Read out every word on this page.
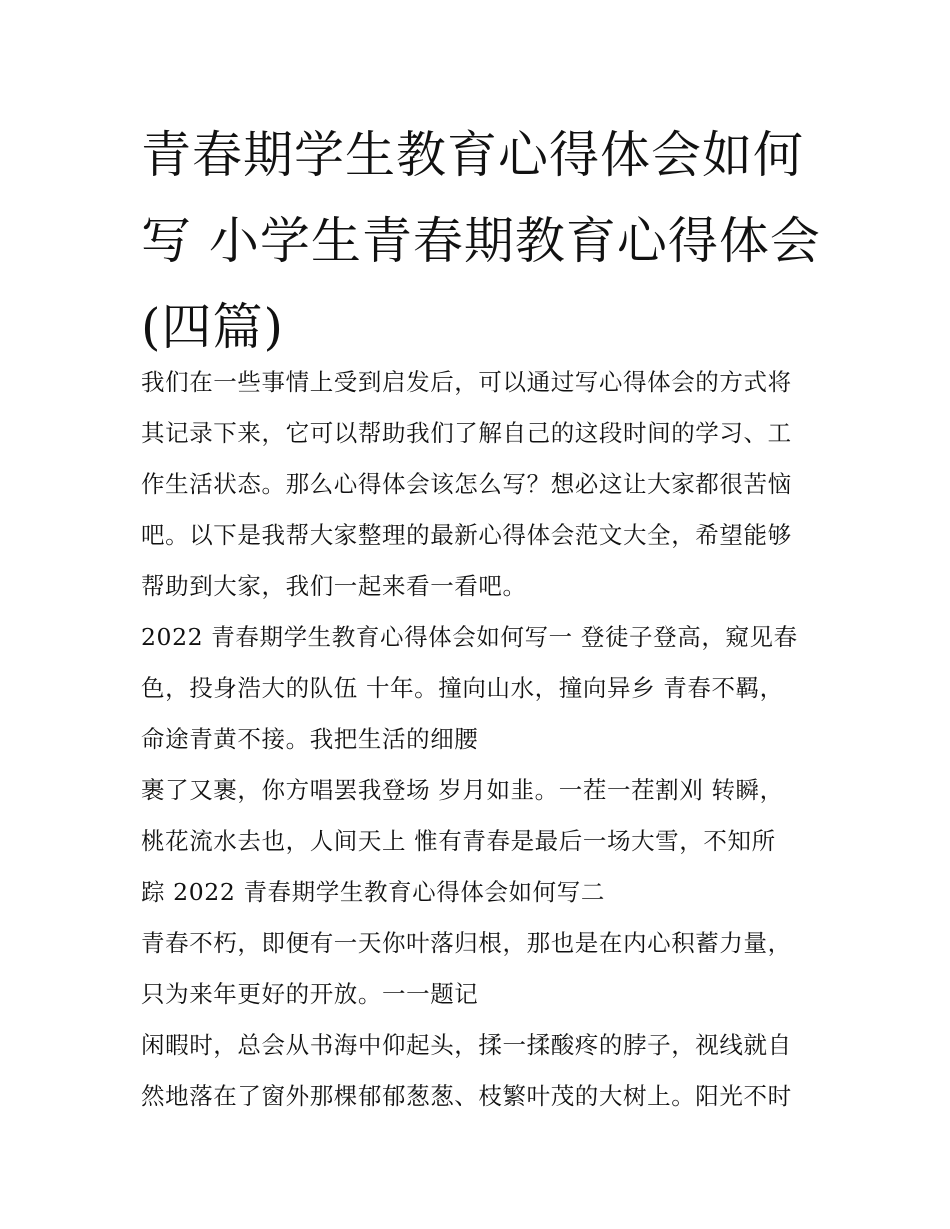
青春期学生教育心得体会如何
写 小学生青春期教育心得体会
(四篇)
我们在一些事情上受到启发后，可以通过写心得体会的方式将
其记录下来，它可以帮助我们了解自己的这段时间的学习、工
作生活状态。那么心得体会该怎么写？想必这让大家都很苦恼
吧。以下是我帮大家整理的最新心得体会范文大全，希望能够
帮助到大家，我们一起来看一看吧。
2022 青春期学生教育心得体会如何写一 登徒子登高，窥见春
色，投身浩大的队伍 十年。撞向山水，撞向异乡 青春不羁，
命途青黄不接。我把生活的细腰
裹了又裹，你方唱罢我登场 岁月如韭。一茬一茬割刈 转瞬，
桃花流水去也，人间天上 惟有青春是最后一场大雪，不知所
踪 2022 青春期学生教育心得体会如何写二
青春不朽，即便有一天你叶落归根，那也是在内心积蓄力量，
只为来年更好的开放。一一题记
闲暇时，总会从书海中仰起头，揉一揉酸疼的脖子，视线就自
然地落在了窗外那棵郁郁葱葱、枝繁叶茂的大树上。阳光不时
